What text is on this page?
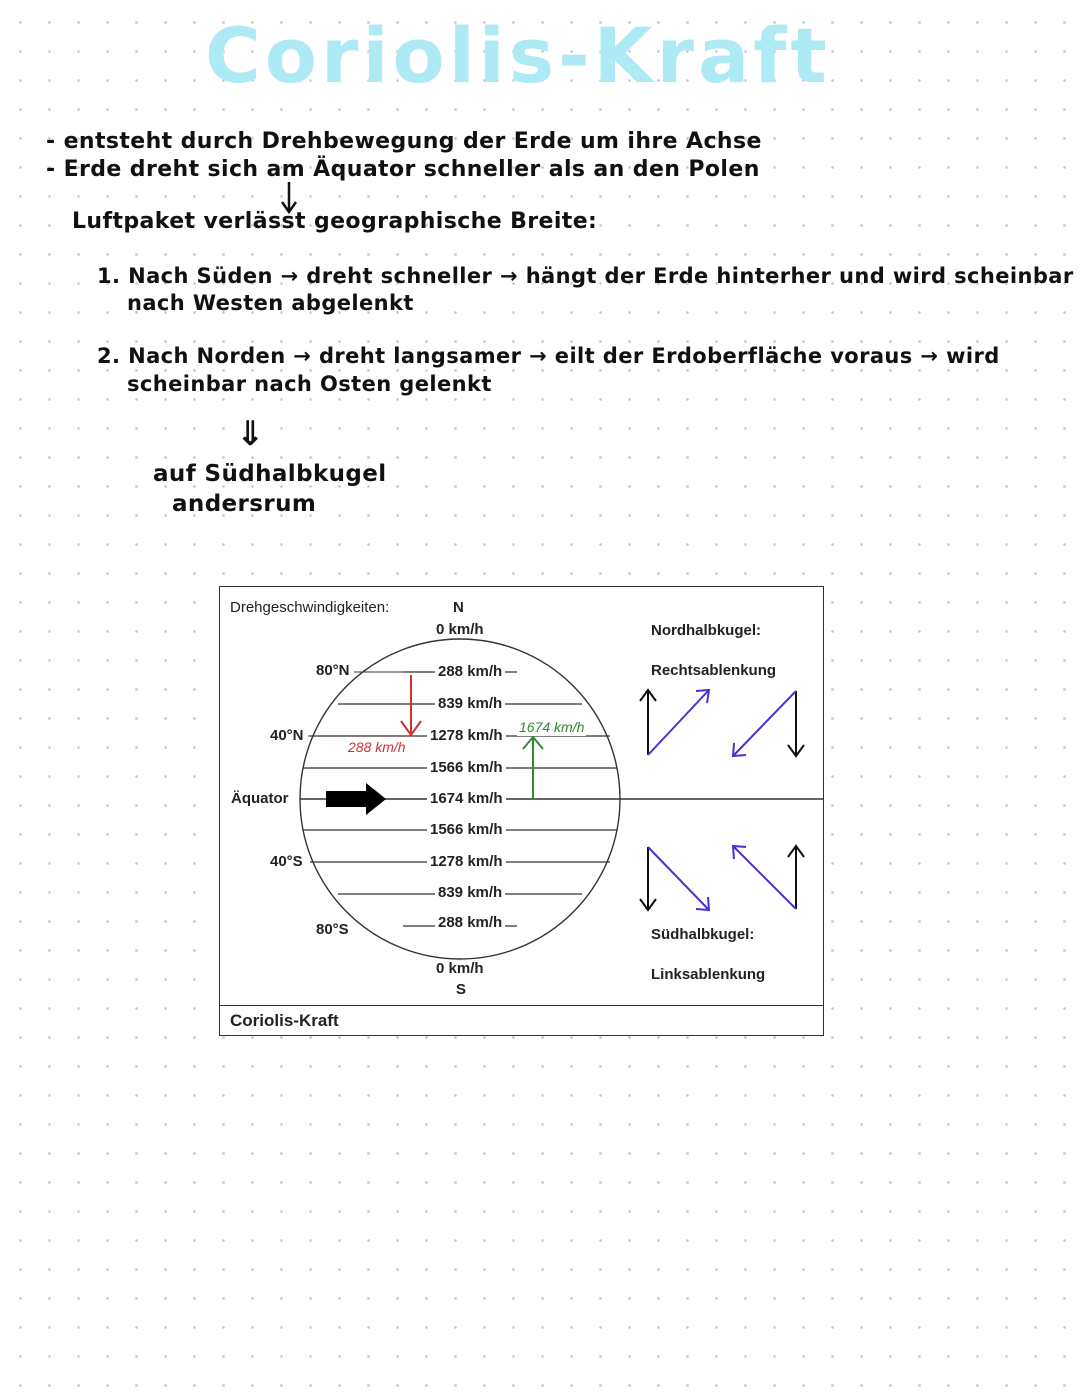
Coriolis-Kraft
- entsteht durch Drehbewegung der Erde um ihre Achse
- Erde dreht sich am Äquator schneller als an den Polen
Luftpaket verlässt geographische Breite:
1. Nach Süden → dreht schneller → hängt der Erde hinterher und wird scheinbar
nach Westen abgelenkt
2. Nach Norden → dreht langsamer → eilt der Erdoberfläche voraus → wird
scheinbar nach Osten gelenkt
⇓
auf Südhalbkugel
andersrum
Drehgeschwindigkeiten:	N
0 km/h
80°N
40°N
Äquator
40°S
80°S
288 km/h
839 km/h
1278 km/h
1566 km/h
1674 km/h
1566 km/h
1278 km/h
839 km/h
288 km/h
288 km/h
1674 km/h
0 km/h
S
Nordhalbkugel:
Rechtsablenkung
Südhalbkugel:
Linksablenkung
Coriolis-Kraft
